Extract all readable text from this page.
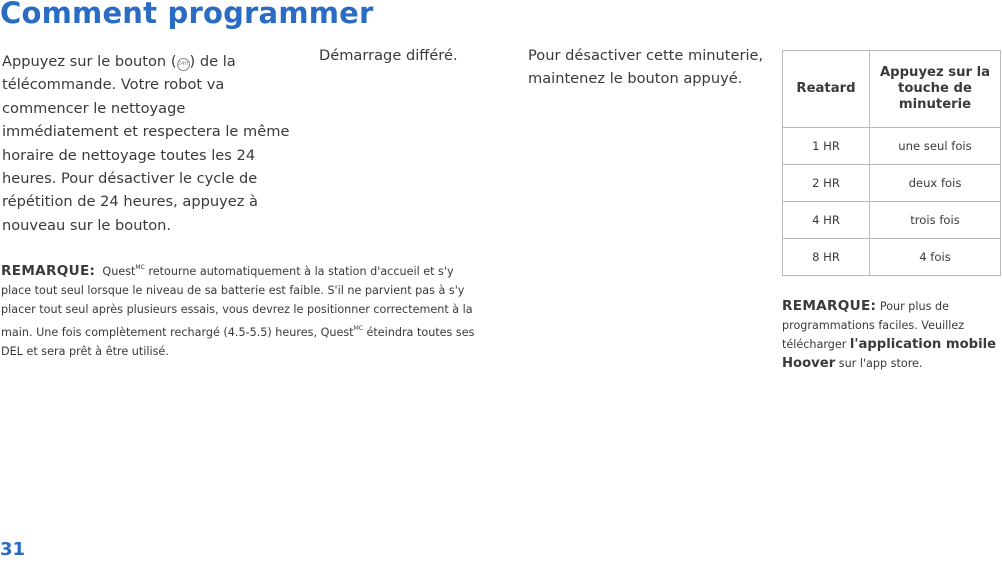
Comment programmer
Appuyez sur le bouton (24H) de la télécommande. Votre robot va commencer le nettoyage immédiatement et respectera le même horaire de nettoyage toutes les 24 heures. Pour désactiver le cycle de répétition de 24 heures, appuyez à nouveau sur le bouton.
Démarrage différé.	Pour désactiver cette minuterie, maintenez le bouton appuyé.
REMARQUE: Quest$^{MC}$ retourne automatiquement à la station d'accueil et s'y place tout seul lorsque le niveau de sa batterie est faible. S'il ne parvient pas à s'y placer tout seul après plusieurs essais, vous devrez le positionner correctement à la main. Une fois complètement rechargé (4.5-5.5) heures, Quest$^{MC}$ éteindra toutes ses DEL et sera prêt à être utilisé.
Reatard	Appuyez sur la touche de minuterie
1 HR	une seul fois
2 HR	deux fois
4 HR	trois fois
8 HR	4 fois
REMARQUE: Pour plus de programmations faciles. Veuillez télécharger l'application mobile Hoover sur l'app store.
31
